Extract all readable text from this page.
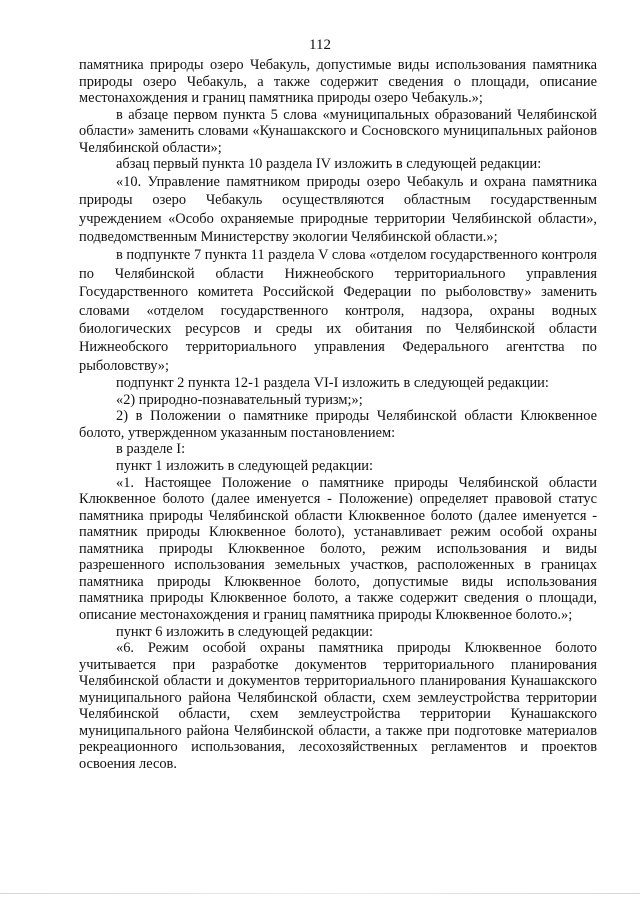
112

памятника природы озеро Чебакуль, допустимые виды использования памятника природы озеро Чебакуль, а также содержит сведения о площади, описание местонахождения и границ памятника природы озеро Чебакуль.»;

в абзаце первом пункта 5 слова «муниципальных образований Челябинской области» заменить словами «Кунашакского и Сосновского муниципальных районов Челябинской области»;

абзац первый пункта 10 раздела IV изложить в следующей редакции:

«10. Управление памятником природы озеро Чебакуль и охрана памятника природы озеро Чебакуль осуществляются областным государственным учреждением «Особо охраняемые природные территории Челябинской области», подведомственным Министерству экологии Челябинской области.»;

в подпункте 7 пункта 11 раздела V слова «отделом государственного контроля по Челябинской области Нижнеобского территориального управления Государственного комитета Российской Федерации по рыболовству» заменить словами «отделом государственного контроля, надзора, охраны водных биологических ресурсов и среды их обитания по Челябинской области Нижнеобского территориального управления Федерального агентства по рыболовству»;

подпункт 2 пункта 12-1 раздела VI-I изложить в следующей редакции:

«2) природно-познавательный туризм;»;

2) в Положении о памятнике природы Челябинской области Клюквенное болото, утвержденном указанным постановлением:

в разделе I:

пункт 1 изложить в следующей редакции:

«1. Настоящее Положение о памятнике природы Челябинской области Клюквенное болото (далее именуется - Положение) определяет правовой статус памятника природы Челябинской области Клюквенное болото (далее именуется - памятник природы Клюквенное болото), устанавливает режим особой охраны памятника природы Клюквенное болото, режим использования и виды разрешенного использования земельных участков, расположенных в границах памятника природы Клюквенное болото, допустимые виды использования памятника природы Клюквенное болото, а также содержит сведения о площади, описание местонахождения и границ памятника природы Клюквенное болото.»;

пункт 6 изложить в следующей редакции:

«6. Режим особой охраны памятника природы Клюквенное болото учитывается при разработке документов территориального планирования Челябинской области и документов территориального планирования Кунашакского муниципального района Челябинской области, схем землеустройства территории Челябинской области, схем землеустройства территории Кунашакского муниципального района Челябинской области, а также при подготовке материалов рекреационного использования, лесохозяйственных регламентов и проектов освоения лесов.
